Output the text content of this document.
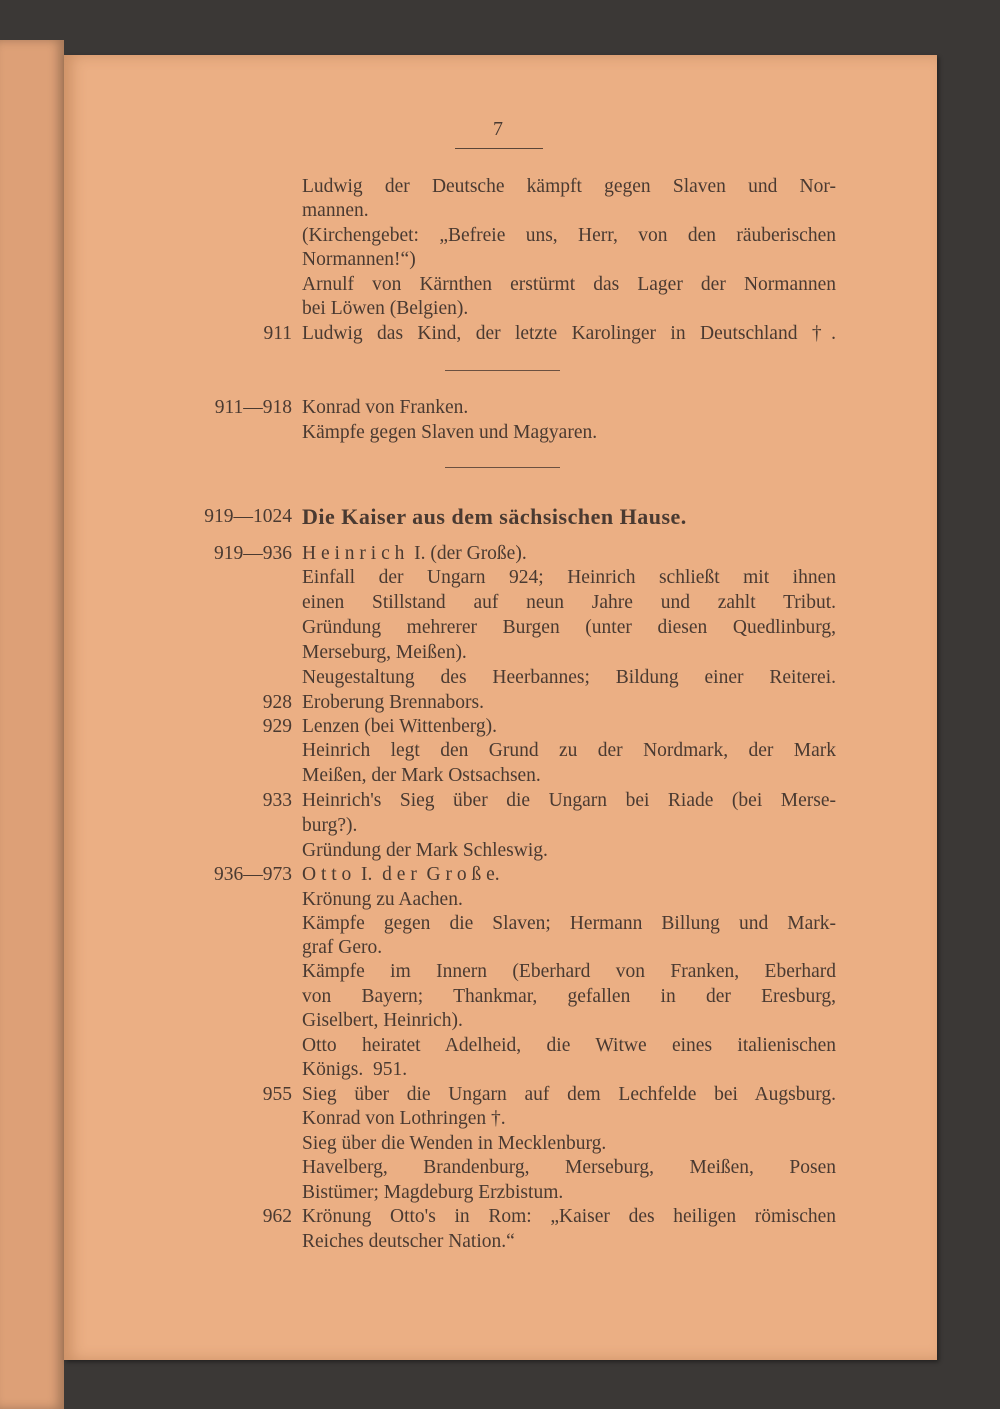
7
Ludwig der Deutsche kämpft gegen Slaven und Nor-
mannen.
(Kirchengebet: „Befreie uns, Herr, von den räuberischen
Normannen!“)
Arnulf von Kärnthen erstürmt das Lager der Normannen
bei Löwen (Belgien).
911 Ludwig das Kind, der letzte Karolinger in Deutschland †.
911—918 Konrad von Franken.
Kämpfe gegen Slaven und Magyaren.
919—1024 Die Kaiser aus dem sächsischen Hause.
919—936 H e i n r i c h  I. (der Große).
Einfall der Ungarn 924; Heinrich schließt mit ihnen
einen Stillstand auf neun Jahre und zahlt Tribut.
Gründung mehrerer Burgen (unter diesen Quedlinburg,
Merseburg, Meißen).
Neugestaltung des Heerbannes; Bildung einer Reiterei.
928 Eroberung Brennabors.
929 Lenzen (bei Wittenberg).
Heinrich legt den Grund zu der Nordmark, der Mark
Meißen, der Mark Ostsachsen.
933 Heinrich's Sieg über die Ungarn bei Riade (bei Merse-
burg?).
Gründung der Mark Schleswig.
936—973 O t t o  I.  d e r  G r o ß e.
Krönung zu Aachen.
Kämpfe gegen die Slaven; Hermann Billung und Mark-
graf Gero.
Kämpfe im Innern (Eberhard von Franken, Eberhard
von Bayern; Thankmar, gefallen in der Eresburg,
Giselbert, Heinrich).
Otto heiratet Adelheid, die Witwe eines italienischen
Königs.  951.
955 Sieg über die Ungarn auf dem Lechfelde bei Augsburg.
Konrad von Lothringen †.
Sieg über die Wenden in Mecklenburg.
Havelberg, Brandenburg, Merseburg, Meißen, Posen
Bistümer; Magdeburg Erzbistum.
962 Krönung Otto's in Rom: „Kaiser des heiligen römischen
Reiches deutscher Nation.“
